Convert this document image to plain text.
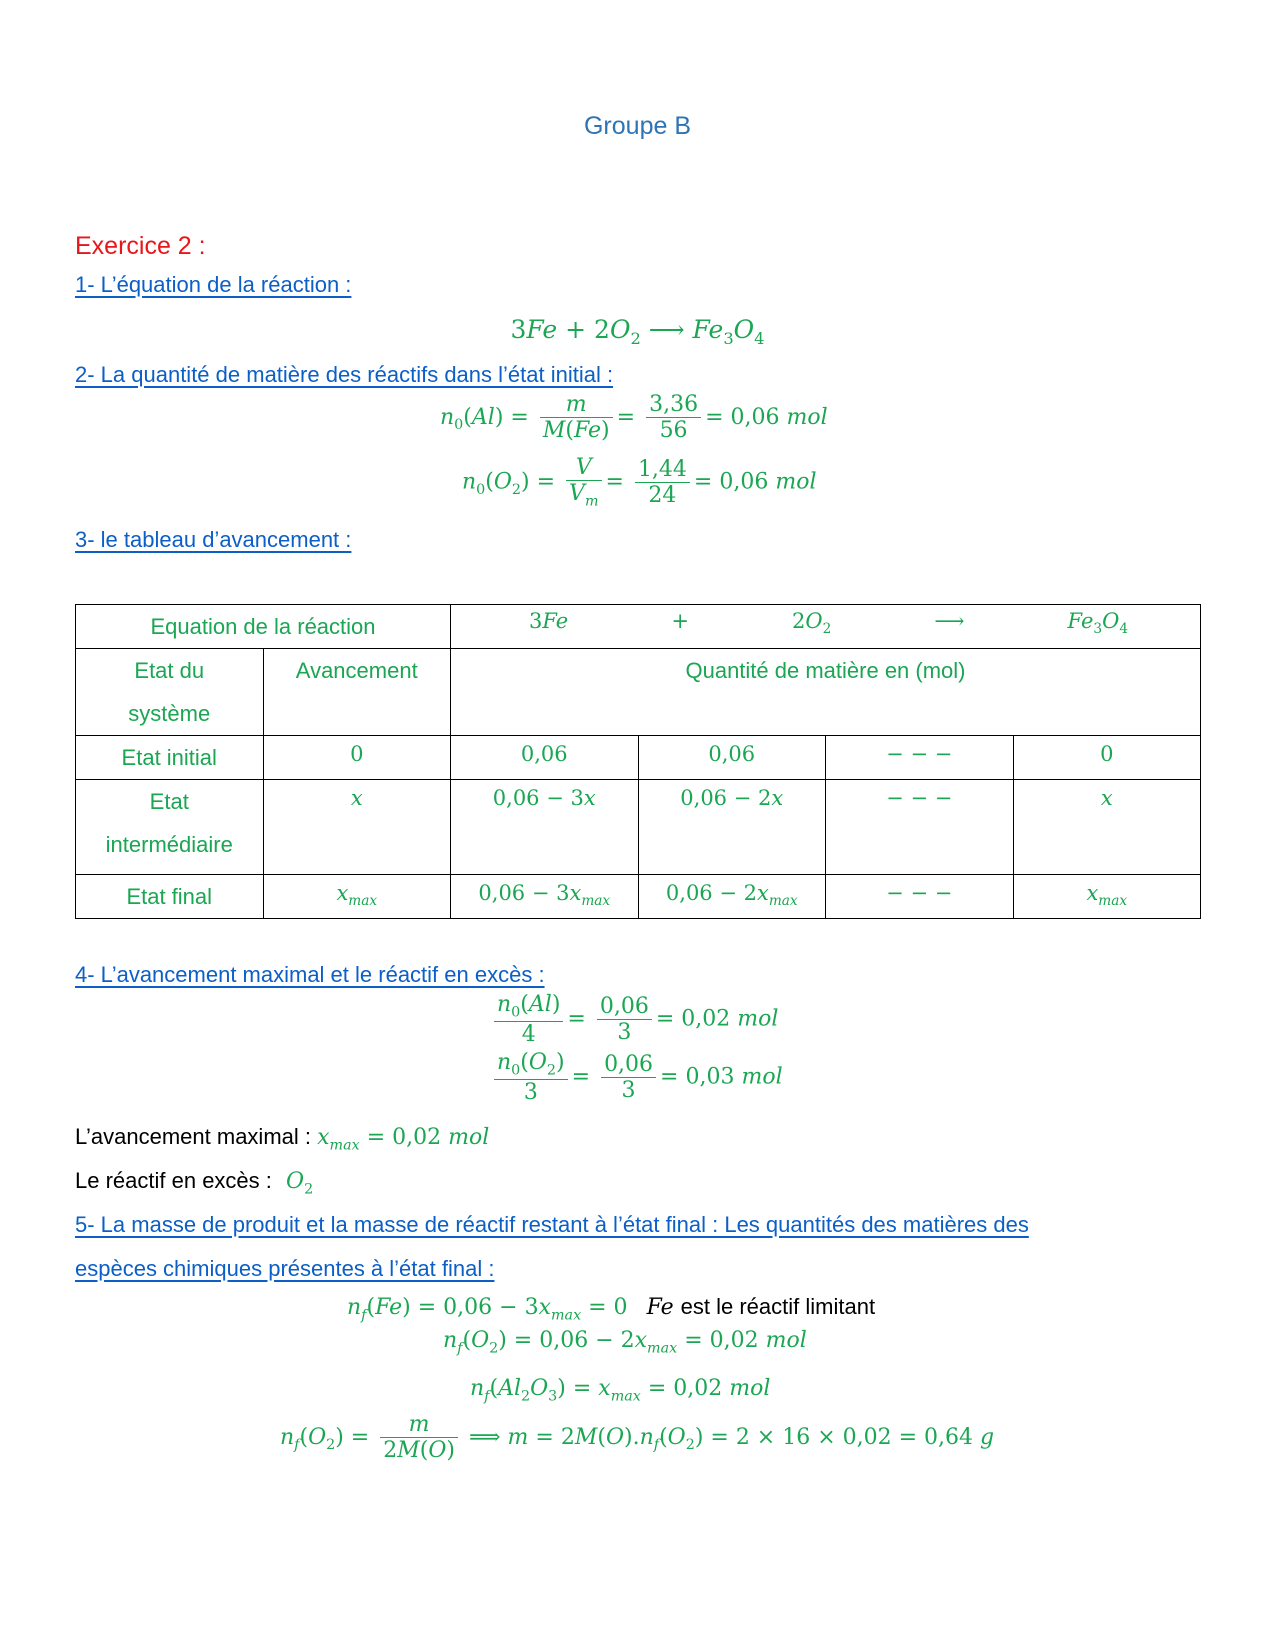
Groupe B
Exercice 2 :
1- L’équation de la réaction :
$3Fe + 2O_2$ ⟶ $Fe_3O_4$
2- La quantité de matière des réactifs dans l’état initial :
$n_0(Al) = \frac{m}{M(Fe)} = \frac{3,36}{56} = 0,06$ mol
$n_0(O_2) = \frac{V}{V_m} = \frac{1,44}{24} = 0,06$ mol
3- le tableau d’avancement :
Equation de la réaction		$3Fe + 2O_2$ ⟶ $Fe_3O_4$

Etat du
système	Avancement	Quantité de matière en (mol)			
Etat initial	0	0,06	0,06	− − −	0

Etat
intermédiaire	x	0,06 − 3x	0,06 − 2x	− − −	x
Etat final	$x_{max}$	$0,06 - 3x_{max}$	$0,06 - 2x_{max}$	− − −	$x_{max}$
4- L’avancement maximal et le réactif en excès :
$\frac{n_0(Al)}{4} = \frac{0,06}{3} = 0,02$ mol
$\frac{n_0(O_2)}{3} = \frac{0,06}{3} = 0,03$ mol
L’avancement maximal : $x_{max} = 0,02$ mol
Le réactif en excès : $O_2$
5- La masse de produit et la masse de réactif restant à l’état final : Les quantités des matières des
espèces chimiques présentes à l’état final :
$n_f(Fe) = 0,06 - 3x_{max} = 0$ Fe est le réactif limitant
$n_f(O_2) = 0,06 - 2x_{max} = 0,02$ mol
$n_f(Al_2O_3) = x_{max} = 0,02$ mol
$n_f(O_2) = \frac{m}{2M(O)}$ ⟹ $m = 2M(O).n_f(O_2) = 2 \times 16 \times 0,02 = 0,64$ g
